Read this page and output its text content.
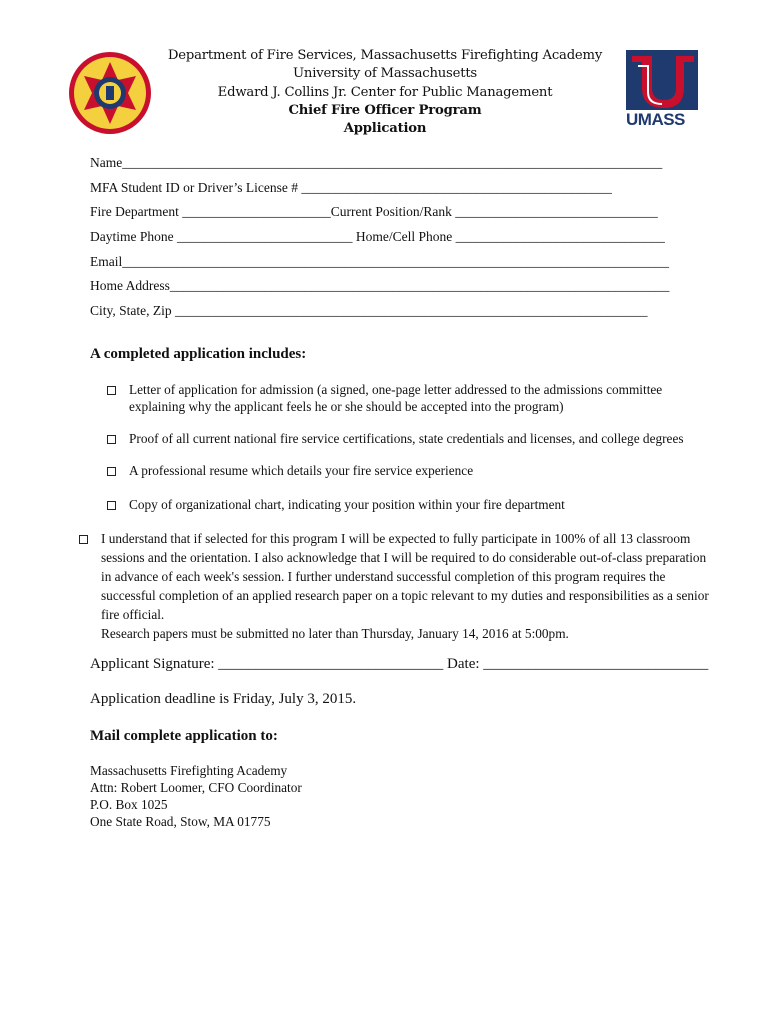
UMASS
Department of Fire Services, Massachusetts Firefighting Academy
University of Massachusetts
Edward J. Collins Jr. Center for Public Management
Chief Fire Officer Program
Application
Name________________________________________________________________________________
MFA Student ID or Driver’s License # ______________________________________________
Fire Department ______________________Current Position/Rank ______________________________
Daytime Phone __________________________ Home/Cell Phone _______________________________
Email_________________________________________________________________________________
Home Address__________________________________________________________________________
City, State, Zip ______________________________________________________________________
A completed application includes:
Letter of application for admission (a signed, one-page letter addressed to the admissions committee explaining why the applicant feels he or she should be accepted into the program)
Proof of all current national fire service certifications, state credentials and licenses, and college degrees
A professional resume which details your fire service experience
Copy of organizational chart, indicating your position within your fire department
I understand that if selected for this program I will be expected to fully participate in 100% of all 13 classroom sessions and the orientation. I also acknowledge that I will be required to do considerable out-of-class preparation in advance of each week's session. I further understand successful completion of this program requires the successful completion of an applied research paper on a topic relevant to my duties and responsibilities as a senior fire official.
Research papers must be submitted no later than Thursday, January 14, 2016 at 5:00pm.
Applicant Signature: ______________________________ Date: ______________________________
Application deadline is Friday, July 3, 2015.
Mail complete application to:
Massachusetts Firefighting Academy
Attn: Robert Loomer, CFO Coordinator
P.O. Box 1025
One State Road, Stow, MA 01775
